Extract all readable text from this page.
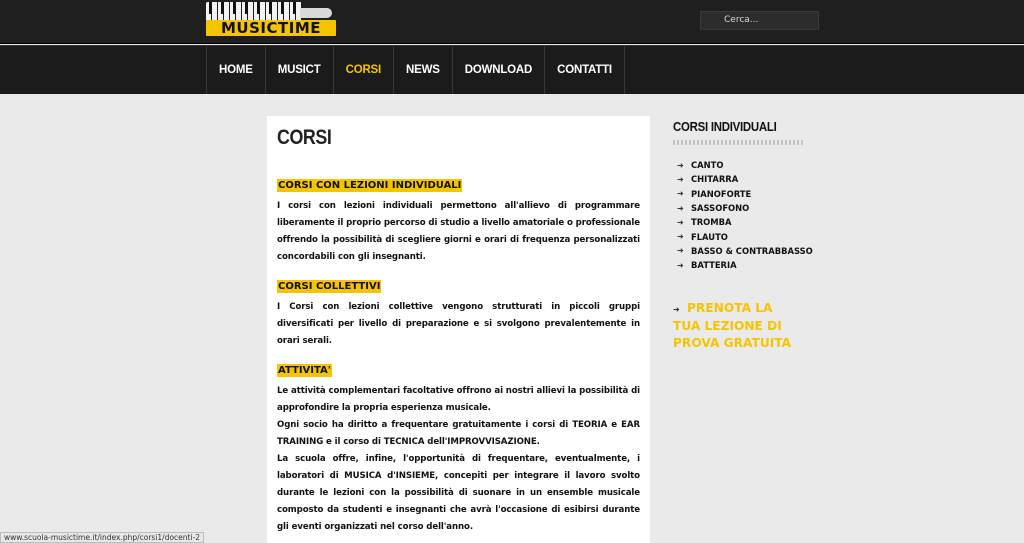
MUSICTIME	Cerca...
HOME	MUSICT	CORSI	NEWS	DOWNLOAD	CONTATTI
CORSI
CORSI CON LEZIONI INDIVIDUALI
I corsi con lezioni individuali permettono all'allievo di programmare liberamente il proprio percorso di studio a livello amatoriale o professionale offrendo la possibilità di scegliere giorni e orari di frequenza personalizzati concordabili con gli insegnanti.
CORSI COLLETTIVI
I Corsi con lezioni collettive vengono strutturati in piccoli gruppi diversificati per livello di preparazione e si svolgono prevalentemente in orari serali.
ATTIVITA'
Le attività complementari facoltative offrono ai nostri allievi la possibilità di approfondire la propria esperienza musicale.
Ogni socio ha diritto a frequentare gratuitamente i corsi di TEORIA e EAR TRAINING e il corso di TECNICA dell'IMPROVVISAZIONE.
La scuola offre, infine, l'opportunità di frequentare, eventualmente, i laboratori di MUSICA d'INSIEME, concepiti per integrare il lavoro svolto durante le lezioni con la possibilità di suonare in un ensemble musicale composto da studenti e insegnanti che avrà l'occasione di esibirsi durante gli eventi organizzati nel corso dell'anno.
CORSI INDIVIDUALI
➜ CANTO
➜ CHITARRA
➜ PIANOFORTE
➜ SASSOFONO
➜ TROMBA
➜ FLAUTO
➜ BASSO & CONTRABBASSO
➜ BATTERIA
➜ PRENOTA LA TUA LEZIONE DI PROVA GRATUITA
www.scuola-musictime.it/index.php/corsi1/docenti-2
